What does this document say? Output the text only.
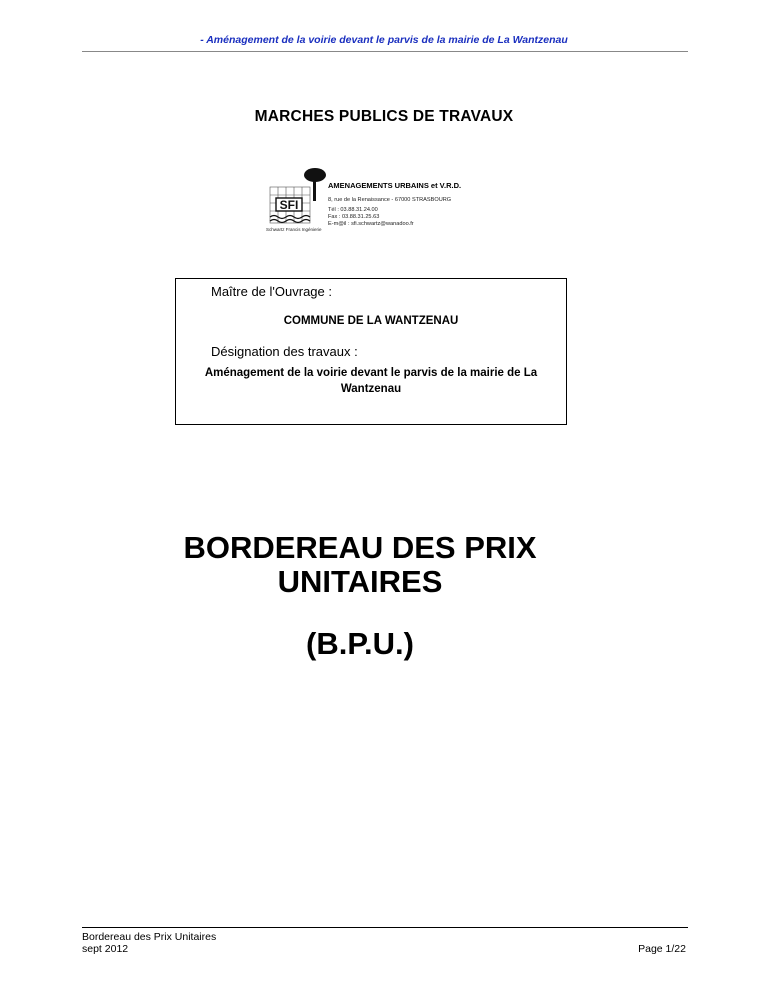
- Aménagement de la voirie devant le parvis de la mairie de La Wantzenau
MARCHES PUBLICS DE TRAVAUX
SFI
AMENAGEMENTS URBAINS et V.R.D.
8, rue de la Renaissance - 67000 STRASBOURG
Tél : 03.88.31.24.00
Fax : 03.88.31.25.63
E-m@il : sfi.schwartz@wanadoo.fr
Schwartz Francis Ingénierie
Maître de l'Ouvrage :
COMMUNE DE LA WANTZENAU
Désignation des travaux :
Aménagement de la voirie devant le parvis de la mairie de La
Wantzenau
BORDEREAU DES PRIX
UNITAIRES
(B.P.U.)
Bordereau des Prix Unitaires
sept 2012	Page 1/22
